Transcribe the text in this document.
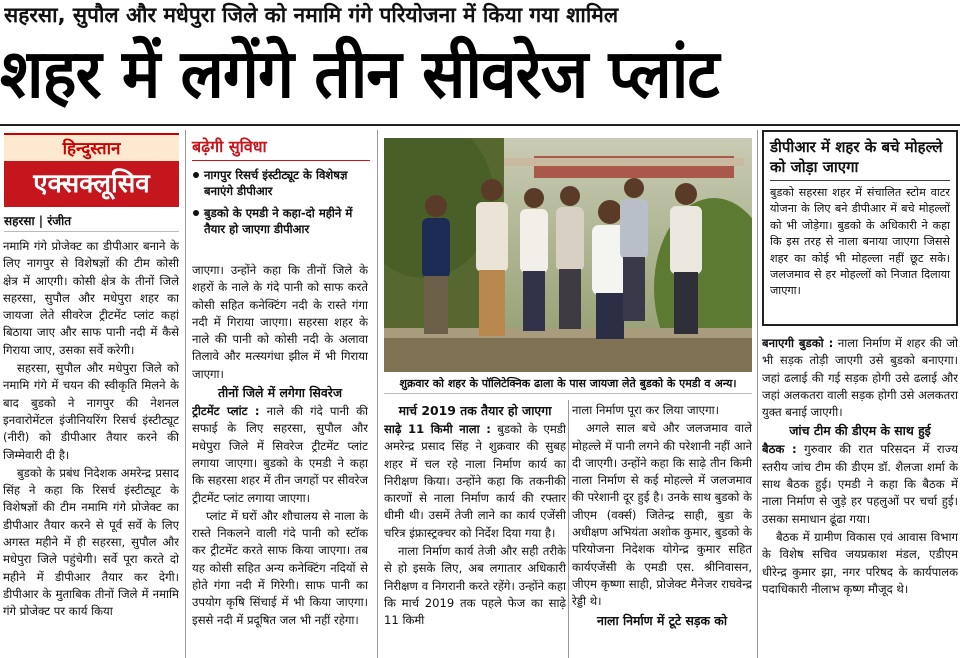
सहरसा, सुपौल और मधेपुरा जिले को नमामि गंगे परियोजना में किया गया शामिल
शहर में लगेंगे तीन सीवरेज प्लांट
हिन्दुस्तान
एक्सक्लूसिव
सहरसा | रंजीत
बढ़ेगी सुविधा
नागपुर रिसर्च इंस्टीट्यूट के विशेषज्ञ बनाएंगे डीपीआर
बुडको के एमडी ने कहा-दो महीने में तैयार हो जाएगा डीपीआर
शुक्रवार को शहर के पॉलिटेक्निक ढाला के पास जायजा लेते बुडको के एमडी व अन्य।
डीपीआर में शहर के बचे मोहल्ले को जोड़ा जाएगा
बुडको सहरसा शहर में संचालित स्टोम वाटर योजना के लिए बने डीपीआर में बचे मोहल्लों को भी जोड़ेगा। बुडको के अधिकारी ने कहा कि इस तरह से नाला बनाया जाएगा जिससे शहर का कोई भी मोहल्ला नहीं छूट सके। जलजमाव से हर मोहल्लों को निजात दिलाया जाएगा।

नमामि गंगे प्रोजेक्ट का डीपीआर बनाने के लिए नागपुर से विशेषज्ञों की टीम कोसी क्षेत्र में आएगी। कोसी क्षेत्र के तीनों जिले सहरसा, सुपौल और मधेपुरा शहर का जायजा लेते सीवरेज ट्रीटमेंट प्लांट कहां बिठाया जाए और साफ पानी नदी में कैसे गिराया जाए, उसका सर्वे करेगी।

सहरसा, सुपौल और मधेपुरा जिले को नमामि गंगे में चयन की स्वीकृति मिलने के बाद बुडको ने नागपुर की नेशनल इनवारोमेंटल इंजीनियरिंग रिसर्च इंस्टीट्यूट (नीरी) को डीपीआर तैयार करने की जिम्मेवारी दी है।

बुडको के प्रबंध निदेशक अमरेन्द्र प्रसाद सिंह ने कहा कि रिसर्च इंस्टीट्यूट के विशेषज्ञों की टीम नमामि गंगे प्रोजेक्ट का डीपीआर तैयार करने से पूर्व सर्वे के लिए अगस्त महीने में ही सहरसा, सुपौल और मधेपुरा जिले पहुंचेगी। सर्वे पूरा करते दो महीने में डीपीआर तैयार कर देगी। डीपीआर के मुताबिक तीनों जिले में नमामि गंगे प्रोजेक्ट पर कार्य किया

जाएगा। उन्होंने कहा कि तीनों जिले के शहरों के नाले के गंदे पानी को साफ करते कोसी सहित कनेक्टिंग नदी के रास्ते गंगा नदी में गिराया जाएगा। सहरसा शहर के नाले की पानी को कोसी नदी के अलावा तिलावे और मत्स्यगंधा झील में भी गिराया जाएगा।

तीनों जिले में लगेगा सिवरेज

ट्रीटमेंट प्लांट : नाले की गंदे पानी की सफाई के लिए सहरसा, सुपौल और मधेपुरा जिले में सिवरेज ट्रीटमेंट प्लांट लगाया जाएगा। बुडको के एमडी ने कहा कि सहरसा शहर में तीन जगहों पर सीवरेज ट्रीटमेंट प्लांट लगाया जाएगा।

प्लांट में घरों और शौचालय से नाला के रास्ते निकलने वाली गंदे पानी को स्टॉक कर ट्रीटमेंट करते साफ किया जाएगा। तब यह कोसी सहित अन्य कनेक्टिंग नदियों से होते गंगा नदी में गिरेगी। साफ पानी का उपयोग कृषि सिंचाई में भी किया जाएगा। इससे नदी में प्रदूषित जल भी नहीं रहेगा।

मार्च 2019 तक तैयार हो जाएगा

साढ़े 11 किमी नाला : बुडको के एमडी अमरेन्द्र प्रसाद सिंह ने शुक्रवार की सुबह शहर में चल रहे नाला निर्माण कार्य का निरीक्षण किया। उन्होंने कहा कि तकनीकी कारणों से नाला निर्माण कार्य की रफ्तार धीमी थी। उसमें तेजी लाने का कार्य एजेंसी चरित्र इंफ्रास्ट्रक्चर को निर्देश दिया गया है।

नाला निर्माण कार्य तेजी और सही तरीके से हो इसके लिए, अब लगातार अधिकारी निरीक्षण व निगरानी करते रहेंगे। उन्होंने कहा कि मार्च 2019 तक पहले फेज का साढ़े 11 किमी

नाला निर्माण पूरा कर लिया जाएगा।

अगले साल बचे और जलजमाव वाले मोहल्ले में पानी लगने की परेशानी नहीं आने दी जाएगी। उन्होंने कहा कि साढ़े तीन किमी नाला निर्माण से कई मोहल्ले में जलजमाव की परेशानी दूर हुई है। उनके साथ बुडको के जीएम (वर्क्स) जितेन्द्र साही, बुडा के अधीक्षण अभियंता अशोक कुमार, बुडको के परियोजना निदेशक योगेन्द्र कुमार सहित कार्यएजेंसी के एमडी एस. श्रीनिवासन, जीएम कृष्णा साही, प्रोजेक्ट मैनेजर राघवेन्द्र रेड्डी थे।

नाला निर्माण में टूटे सड़क को

बनाएगी बुडको : नाला निर्माण में शहर की जो भी सड़क तोड़ी जाएगी उसे बुडको बनाएगा। जहां ढलाई की गई सड़क होगी उसे ढलाई और जहां अलकतरा वाली सड़क होगी उसे अलकतरा युक्त बनाई जाएगी।

जांच टीम की डीएम के साथ हुई

बैठक : गुरुवार की रात परिसदन में राज्य स्तरीय जांच टीम की डीएम डॉ. शैलजा शर्मा के साथ बैठक हुई। एमडी ने कहा कि बैठक में नाला निर्माण से जुड़े हर पहलुओं पर चर्चा हुई। उसका समाधान ढूंढा गया।

बैठक में ग्रामीण विकास एवं आवास विभाग के विशेष सचिव जयप्रकाश मंडल, एडीएम धीरेन्द्र कुमार झा, नगर परिषद के कार्यपालक पदाधिकारी नीलाभ कृष्ण मौजूद थे।
